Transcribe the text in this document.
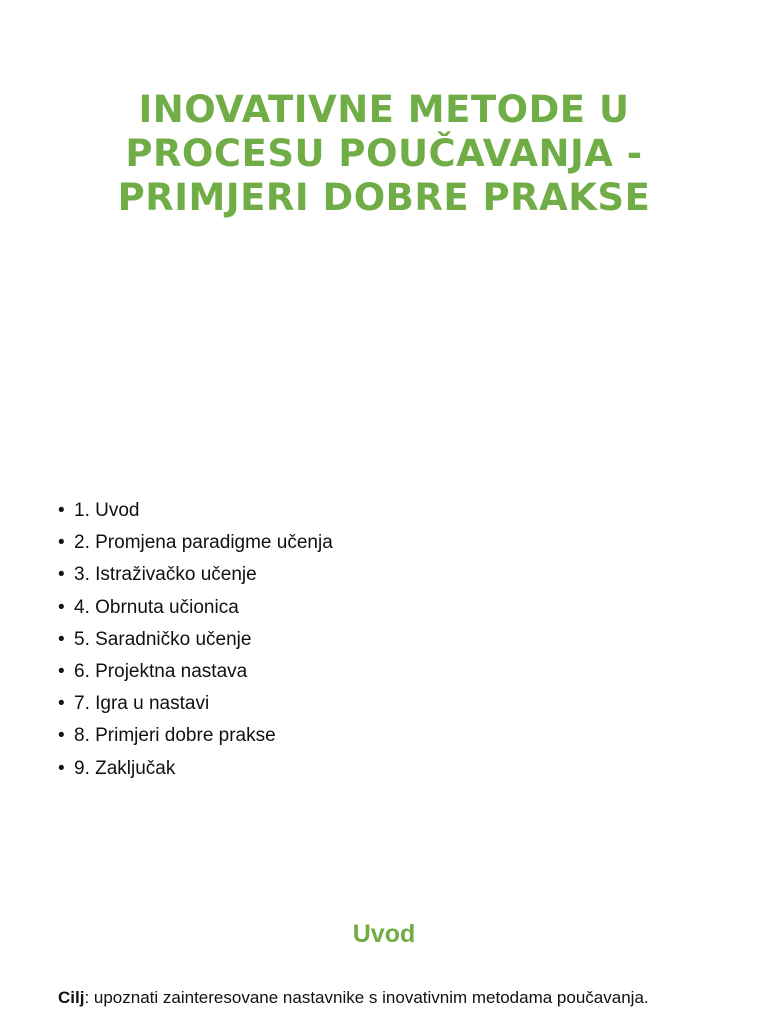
INOVATIVNE METODE U
PROCESU POUČAVANJA -
PRIMJERI DOBRE PRAKSE
• 1. Uvod
• 2. Promjena paradigme učenja
• 3. Istraživačko učenje
• 4. Obrnuta učionica
• 5. Saradničko učenje
• 6. Projektna nastava
• 7. Igra u nastavi
• 8. Primjeri dobre prakse
• 9. Zaključak
Uvod

Cilj: upoznati zainteresovane nastavnike s inovativnim metodama poučavanja.
